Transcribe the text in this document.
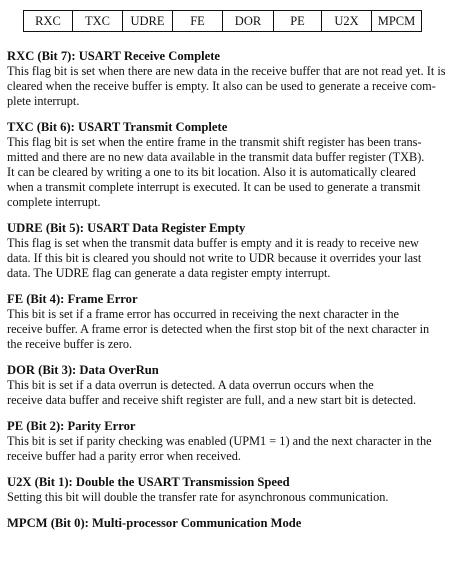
RXC	TXC	UDRE	FE	DOR	PE	U2X	MPCM

RXC (Bit 7): USART Receive Complete

This flag bit is set when there are new data in the receive buffer that are not read yet. It is
cleared when the receive buffer is empty. It also can be used to generate a receive com-
plete interrupt.

TXC (Bit 6): USART Transmit Complete

This flag bit is set when the entire frame in the transmit shift register has been trans-
mitted and there are no new data available in the transmit data buffer register (TXB).
It can be cleared by writing a one to its bit location. Also it is automatically cleared
when a transmit complete interrupt is executed. It can be used to generate a transmit
complete interrupt.

UDRE (Bit 5): USART Data Register Empty

This flag is set when the transmit data buffer is empty and it is ready to receive new
data. If this bit is cleared you should not write to UDR because it overrides your last
data. The UDRE flag can generate a data register empty interrupt.

FE (Bit 4): Frame Error

This bit is set if a frame error has occurred in receiving the next character in the
receive buffer. A frame error is detected when the first stop bit of the next character in
the receive buffer is zero.

DOR (Bit 3): Data OverRun

This bit is set if a data overrun is detected. A data overrun occurs when the
receive data buffer and receive shift register are full, and a new start bit is detected.

PE (Bit 2): Parity Error

This bit is set if parity checking was enabled (UPM1 = 1) and the next character in the
receive buffer had a parity error when received.

U2X (Bit 1): Double the USART Transmission Speed

Setting this bit will double the transfer rate for asynchronous communication.

MPCM (Bit 0): Multi-processor Communication Mode
